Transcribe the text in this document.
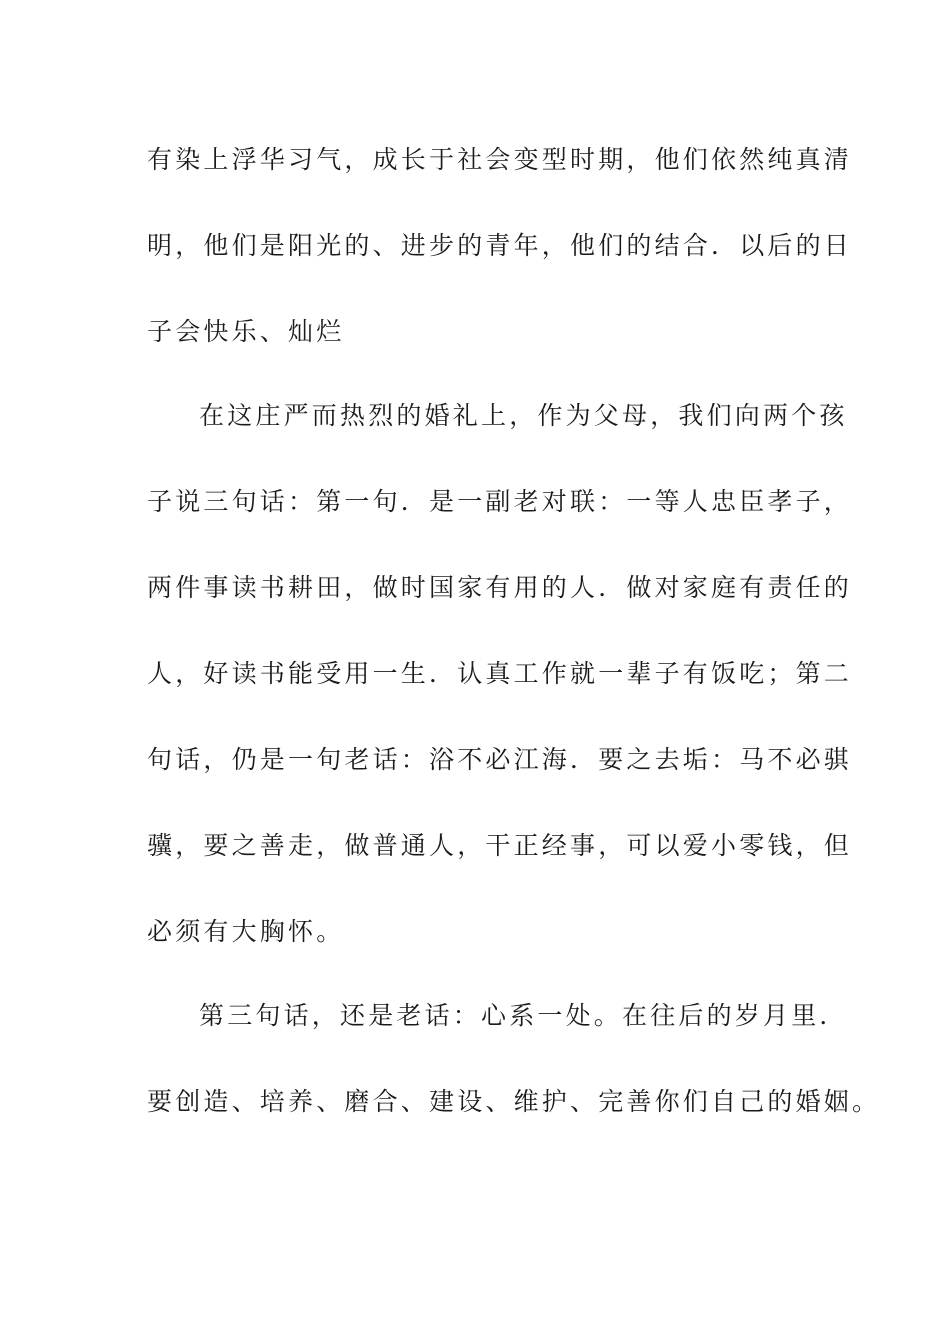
有染上浮华习气，成长于社会变型时期，他们依然纯真清
明，他们是阳光的、进步的青年，他们的结合．以后的日
子会快乐、灿烂
在这庄严而热烈的婚礼上，作为父母，我们向两个孩
子说三句话：第一句．是一副老对联：一等人忠臣孝子，
两件事读书耕田，做时国家有用的人．做对家庭有责任的
人，好读书能受用一生．认真工作就一辈子有饭吃；第二
句话，仍是一句老话：浴不必江海．要之去垢：马不必骐
骥，要之善走，做普通人，干正经事，可以爱小零钱，但
必须有大胸怀。
第三句话，还是老话：心系一处。在往后的岁月里．
要创造、培养、磨合、建设、维护、完善你们自己的婚姻。
